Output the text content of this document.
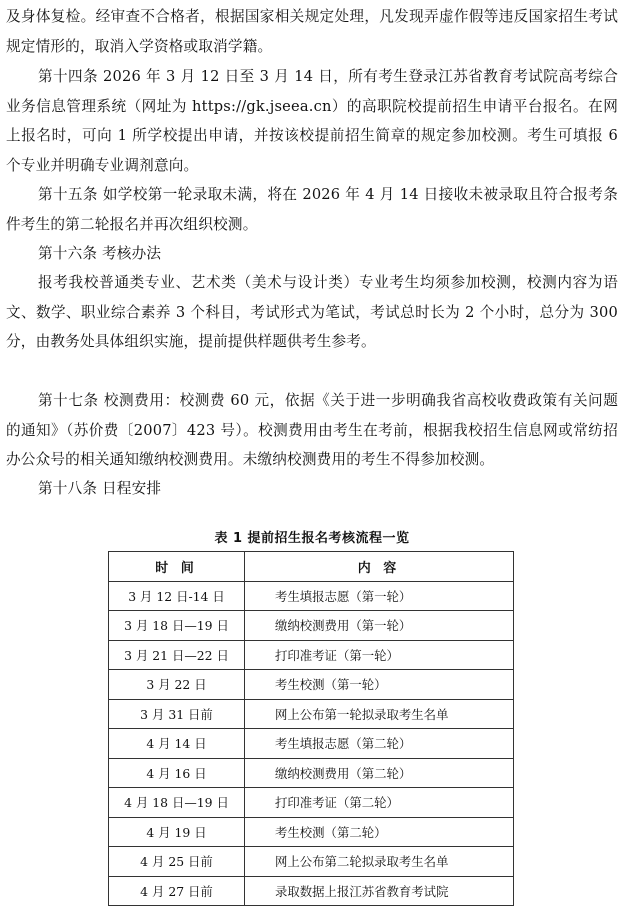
及身体复检。经审查不合格者，根据国家相关规定处理，凡发现弄虚作假等违反国家招生考试规定情形的，取消入学资格或取消学籍。

第十四条 2026 年 3 月 12 日至 3 月 14 日，所有考生登录江苏省教育考试院高考综合业务信息管理系统（网址为 https://gk.jseea.cn）的高职院校提前招生申请平台报名。在网上报名时，可向 1 所学校提出申请，并按该校提前招生简章的规定参加校测。考生可填报 6 个专业并明确专业调剂意向。

第十五条 如学校第一轮录取未满，将在 2026 年 4 月 14 日接收未被录取且符合报考条件考生的第二轮报名并再次组织校测。

第十六条 考核办法

报考我校普通类专业、艺术类（美术与设计类）专业考生均须参加校测，校测内容为语文、数学、职业综合素养 3 个科目，考试形式为笔试，考试总时长为 2 个小时，总分为 300 分，由教务处具体组织实施，提前提供样题供考生参考。

第十七条 校测费用：校测费 60 元，依据《关于进一步明确我省高校收费政策有关问题的通知》（苏价费〔2007〕423 号）。校测费用由考生在考前，根据我校招生信息网或常纺招办公众号的相关通知缴纳校测费用。未缴纳校测费用的考生不得参加校测。

第十八条 日程安排

表 1 提前招生报名考核流程一览
时 间	内 容
3 月 12 日-14 日	考生填报志愿（第一轮）
3 月 18 日—19 日	缴纳校测费用（第一轮）
3 月 21 日—22 日	打印准考证（第一轮）
3 月 22 日	考生校测（第一轮）
3 月 31 日前	网上公布第一轮拟录取考生名单
4 月 14 日	考生填报志愿（第二轮）
4 月 16 日	缴纳校测费用（第二轮）
4 月 18 日—19 日	打印准考证（第二轮）
4 月 19 日	考生校测（第二轮）
4 月 25 日前	网上公布第二轮拟录取考生名单
4 月 27 日前	录取数据上报江苏省教育考试院
